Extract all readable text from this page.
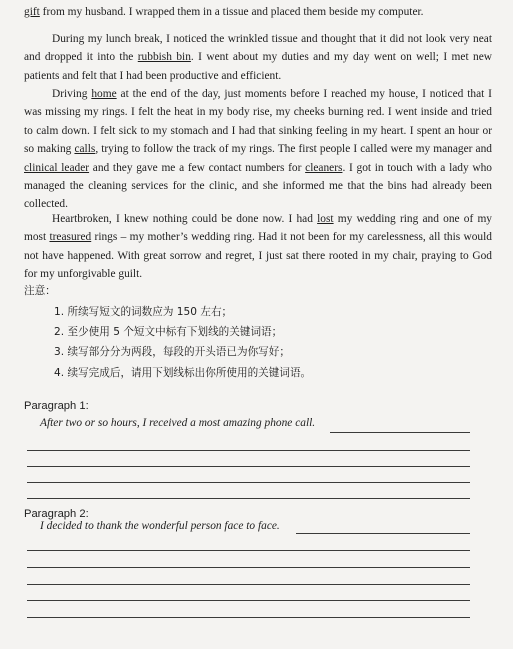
gift from my husband. I wrapped them in a tissue and placed them beside my computer.

During my lunch break, I noticed the wrinkled tissue and thought that it did not look very neat and dropped it into the rubbish bin. I went about my duties and my day went on well; I met new patients and felt that I had been productive and efficient.

Driving home at the end of the day, just moments before I reached my house, I noticed that I was missing my rings. I felt the heat in my body rise, my cheeks burning red. I went inside and tried to calm down. I felt sick to my stomach and I had that sinking feeling in my heart. I spent an hour or so making calls, trying to follow the track of my rings. The first people I called were my manager and clinical leader and they gave me a few contact numbers for cleaners. I got in touch with a lady who managed the cleaning services for the clinic, and she informed me that the bins had already been collected.

Heartbroken, I knew nothing could be done now. I had lost my wedding ring and one of my most treasured rings – my mother’s wedding ring. Had it not been for my carelessness, all this would not have happened. With great sorrow and regret, I just sat there rooted in my chair, praying to God for my unforgivable guilt.

注意：
1. 所续写短文的词数应为 150 左右；
2. 至少使用 5 个短文中标有下划线的关键词语；
3. 续写部分分为两段，每段的开头语已为你写好；
4. 续写完成后，请用下划线标出你所使用的关键词语。
Paragraph 1:
After two or so hours, I received a most amazing phone call.
Paragraph 2:
I decided to thank the wonderful person face to face.
